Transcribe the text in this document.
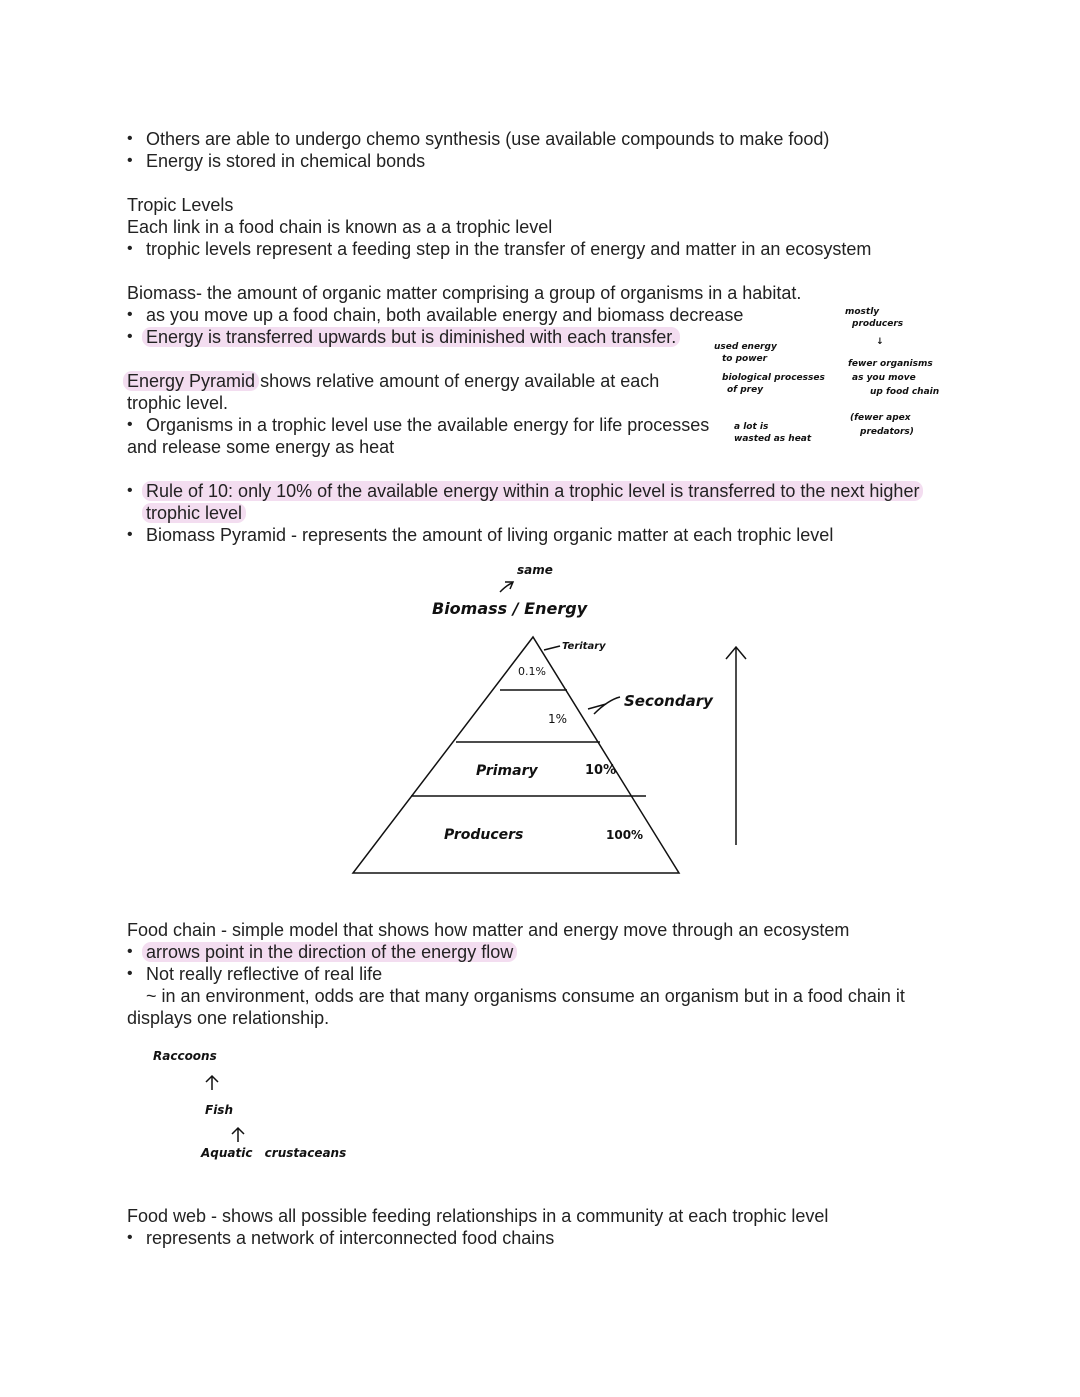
• Others are able to undergo chemo synthesis (use available compounds to make food)
• Energy is stored in chemical bonds
Tropic Levels
Each link in a food chain is known as a a trophic level
• trophic levels represent a feeding step in the transfer of energy and matter in an ecosystem
Biomass- the amount of organic matter comprising a group of organisms in a habitat.
• as you move up a food chain, both available energy and biomass decrease
• Energy is transferred upwards but is diminished with each transfer.
Energy Pyramid shows relative amount of energy available at each
trophic level.
• Organisms in a trophic level use the available energy for life processes
and release some energy as heat
used energy
to power
biological processes
of prey
a lot is
wasted as heat
mostly
producers
↓
fewer organisms
as you move
up food chain
(fewer apex
predators)
• Rule of 10: only 10% of the available energy within a trophic level is transferred to the next higher
trophic level
• Biomass Pyramid - represents the amount of living organic matter at each trophic level
same
Biomass / Energy
Teritary
0.1%
Secondary
1%
Primary	10%
Producers	100%
Food chain - simple model that shows how matter and energy move through an ecosystem
• arrows point in the direction of the energy flow
• Not really reflective of real life
~ in an environment, odds are that many organisms consume an organism but in a food chain it
displays one relationship.
Raccoons
Fish
Aquatic crustaceans
Food web - shows all possible feeding relationships in a community at each trophic level
• represents a network of interconnected food chains
